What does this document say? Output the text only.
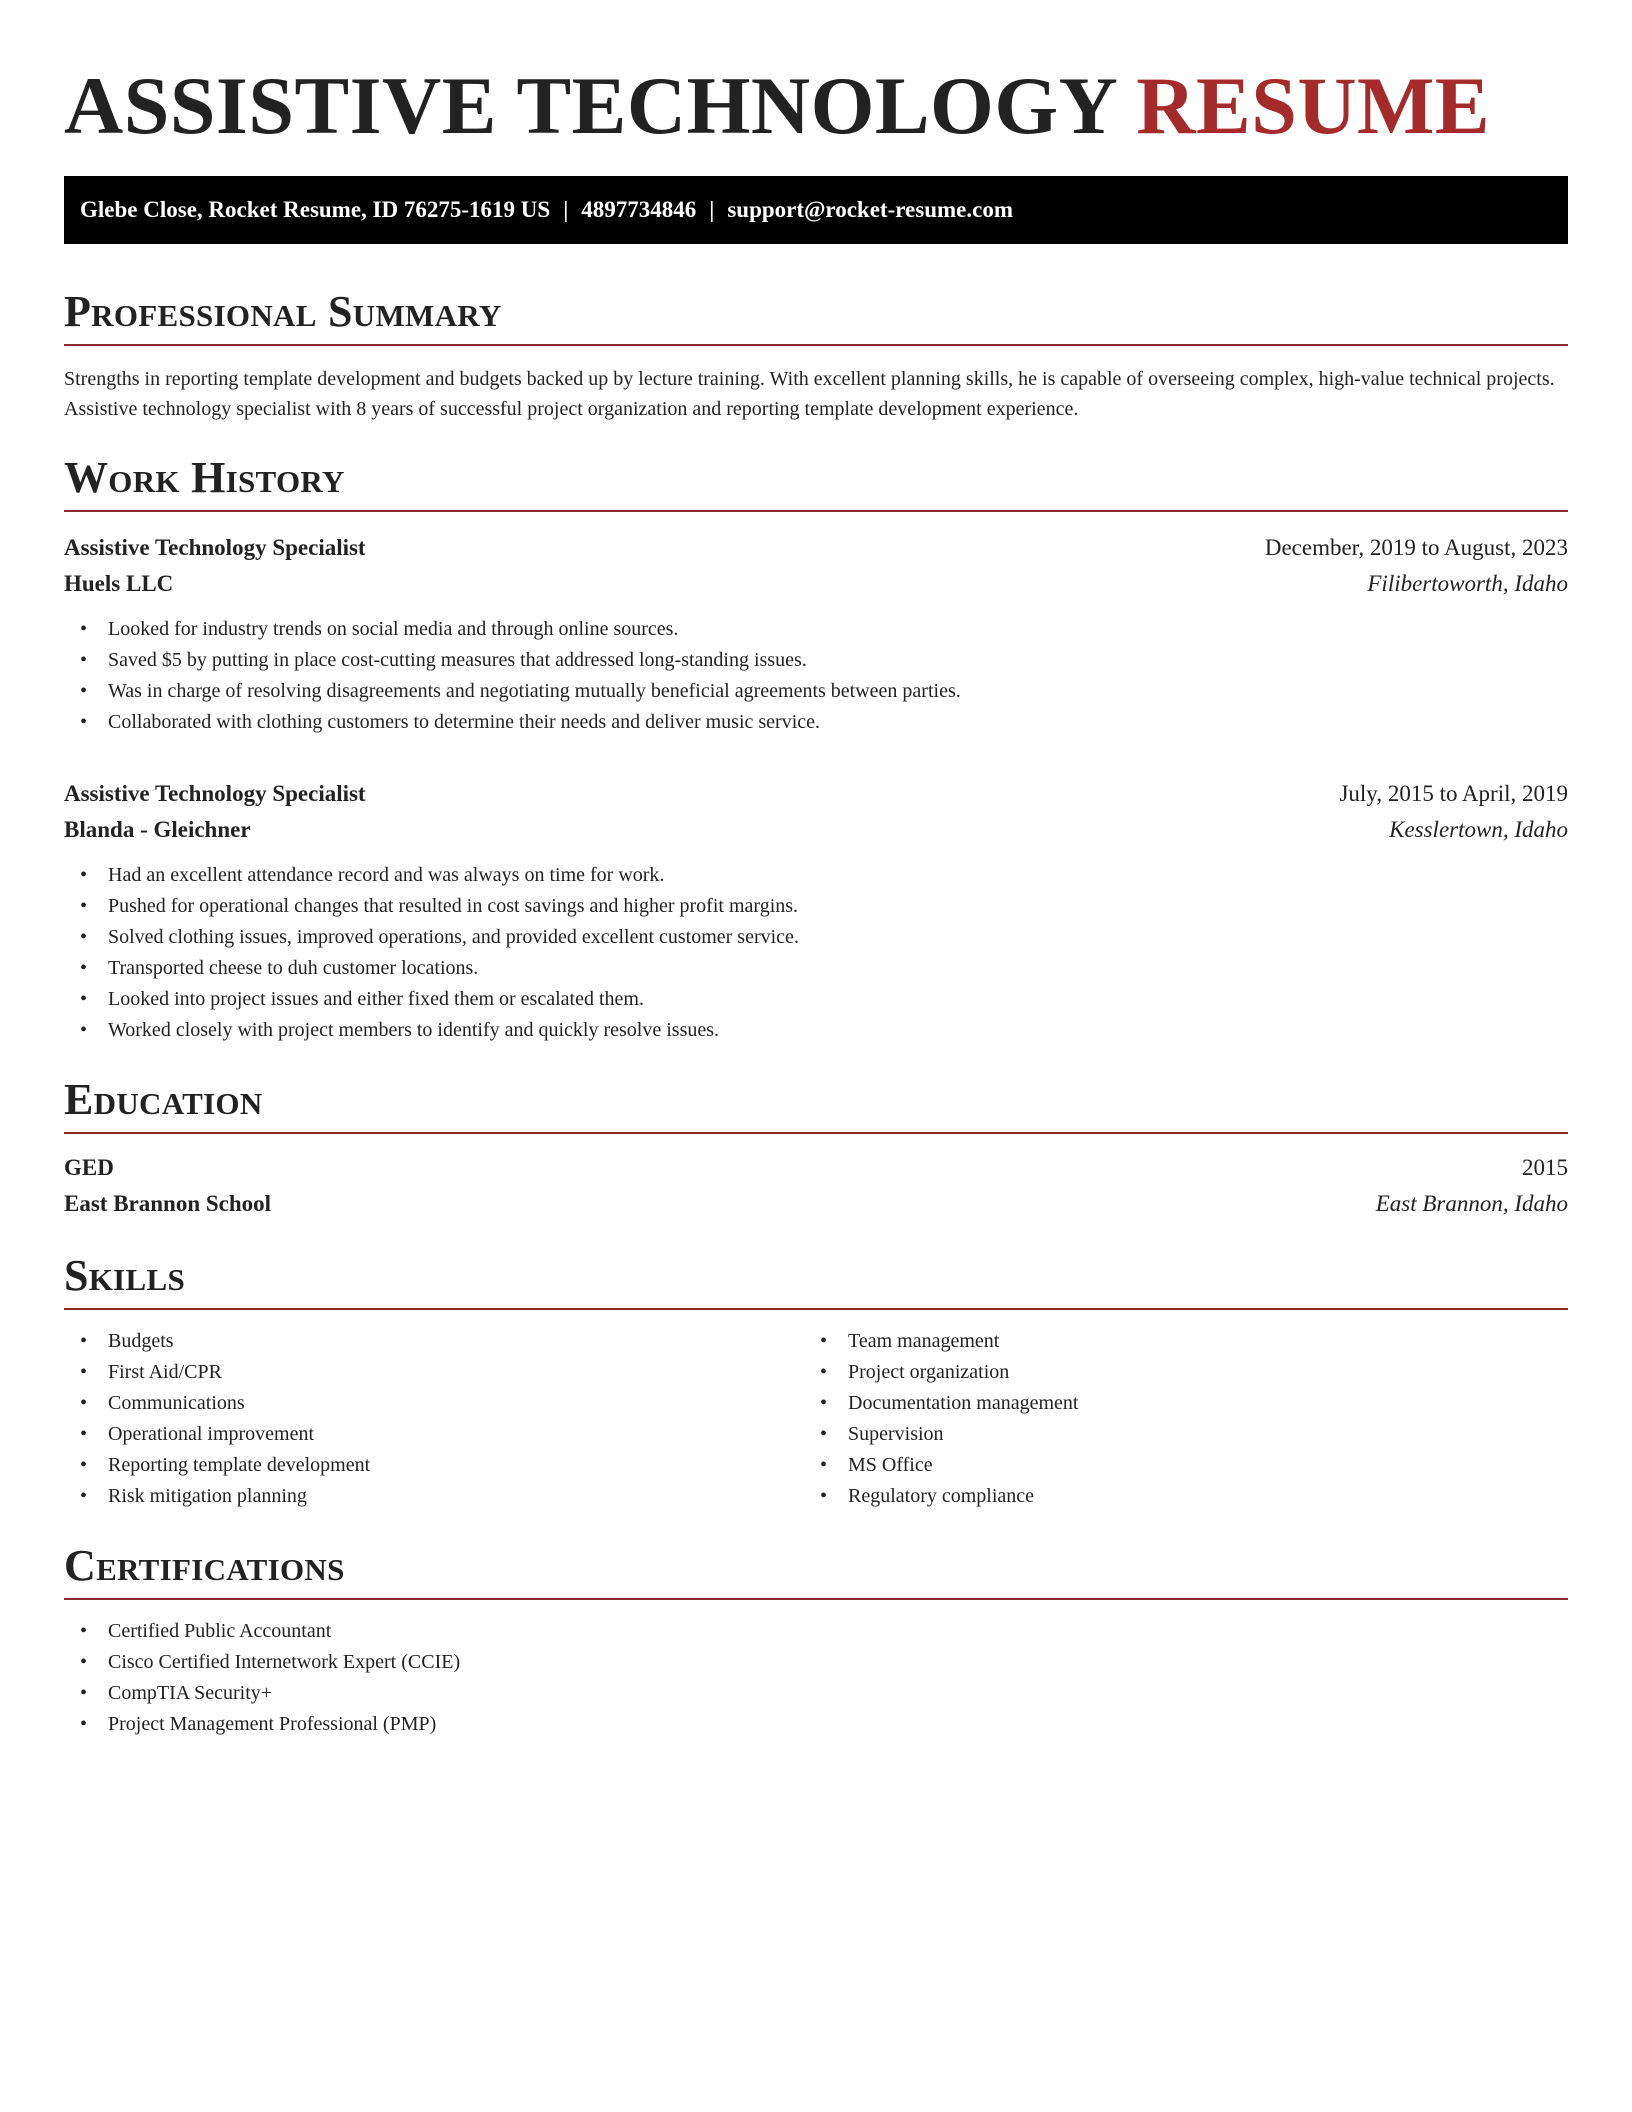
ASSISTIVE TECHNOLOGY RESUME
Glebe Close, Rocket Resume, ID 76275-1619 US | 4897734846 | support@rocket-resume.com
Professional Summary

Strengths in reporting template development and budgets backed up by lecture training. With excellent planning skills, he is capable of overseeing complex, high-value technical projects. Assistive technology specialist with 8 years of successful project organization and reporting template development experience.

Work History
Assistive Technology Specialist	December, 2019 to August, 2023
Huels LLC	Filibertoworth, Idaho
• Looked for industry trends on social media and through online sources.
• Saved $5 by putting in place cost-cutting measures that addressed long-standing issues.
• Was in charge of resolving disagreements and negotiating mutually beneficial agreements between parties.
• Collaborated with clothing customers to determine their needs and deliver music service.
Assistive Technology Specialist	July, 2015 to April, 2019
Blanda - Gleichner	Kesslertown, Idaho
• Had an excellent attendance record and was always on time for work.
• Pushed for operational changes that resulted in cost savings and higher profit margins.
• Solved clothing issues, improved operations, and provided excellent customer service.
• Transported cheese to duh customer locations.
• Looked into project issues and either fixed them or escalated them.
• Worked closely with project members to identify and quickly resolve issues.
Education
GED	2015
East Brannon School	East Brannon, Idaho
Skills
• Budgets
• First Aid/CPR
• Communications
• Operational improvement
• Reporting template development
• Risk mitigation planning
• Team management
• Project organization
• Documentation management
• Supervision
• MS Office
• Regulatory compliance
Certifications
• Certified Public Accountant
• Cisco Certified Internetwork Expert (CCIE)
• CompTIA Security+
• Project Management Professional (PMP)
